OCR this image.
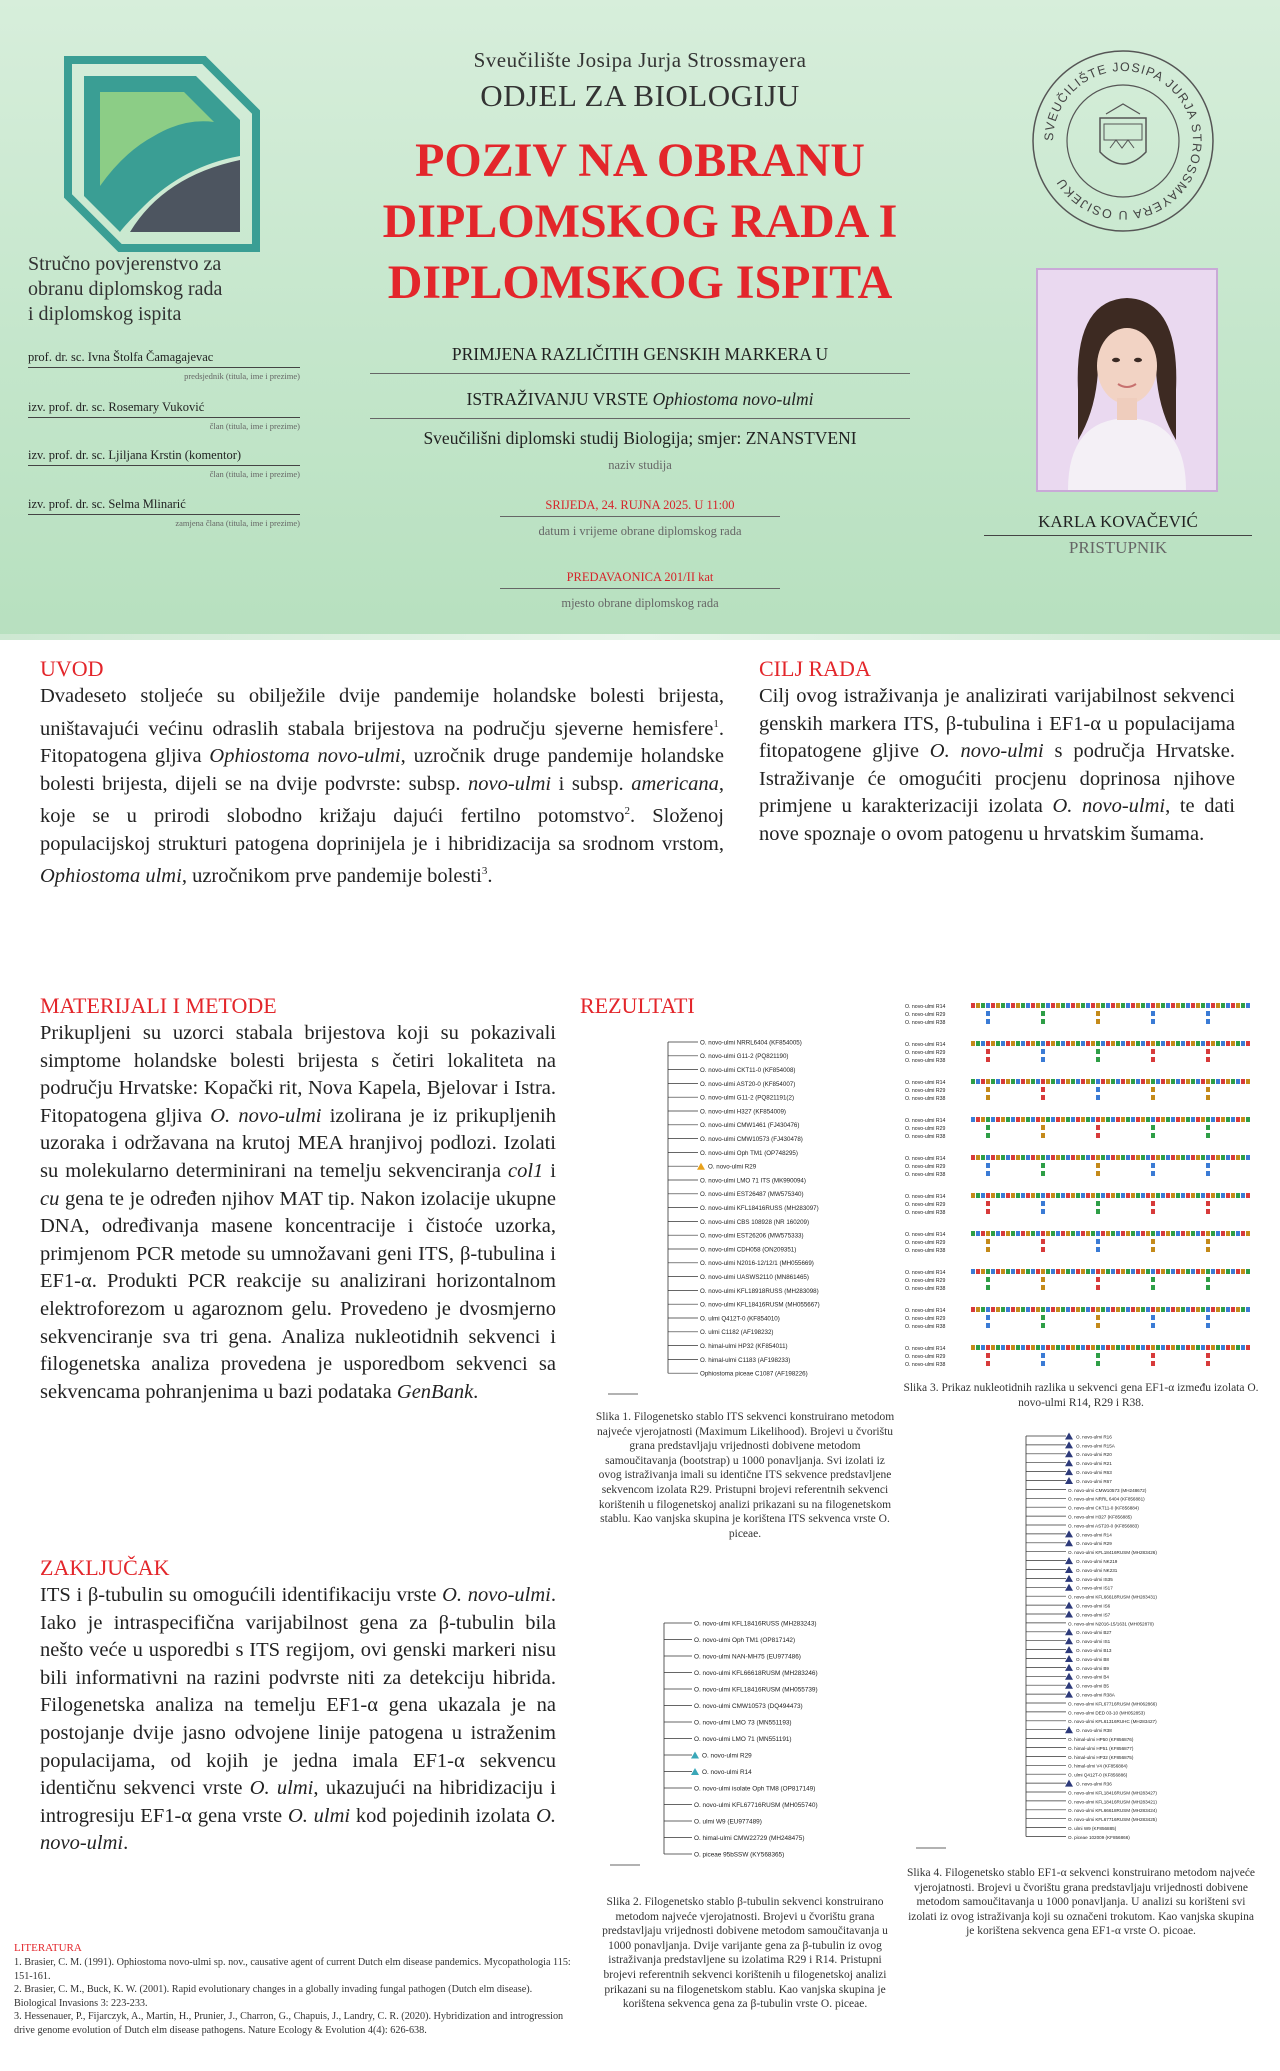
Stručno povjerenstvo za
obranu diplomskog rada
i diplomskog ispita
prof. dr. sc. Ivna Štolfa Čamagajevac
predsjednik (titula, ime i prezime)
izv. prof. dr. sc. Rosemary Vuković
član (titula, ime i prezime)
izv. prof. dr. sc. Ljiljana Krstin (komentor)
član (titula, ime i prezime)
izv. prof. dr. sc. Selma Mlinarić
zamjena člana (titula, ime i prezime)
Sveučilište Josipa Jurja Strossmayera
ODJEL ZA BIOLOGIJU
POZIV NA OBRANU
DIPLOMSKOG RADA I
DIPLOMSKOG ISPITA
PRIMJENA RAZLIČITIH GENSKIH MARKERA U
ISTRAŽIVANJU VRSTE Ophiostoma novo-ulmi
Sveučilišni diplomski studij Biologija; smjer: ZNANSTVENI
naziv studija
SRIJEDA, 24. RUJNA 2025. U 11:00
datum i vrijeme obrane diplomskog rada
PREDAVAONICA 201/II kat
mjesto obrane diplomskog rada
SVEUČILIŠTE JOSIPA JURJA STROSSMAYERA U OSIJEKU
KARLA KOVAČEVIĆ
PRISTUPNIK
UVOD
Dvadeseto stoljeće su obilježile dvije pandemije holandske bolesti brijesta, uništavajući većinu odraslih stabala brijestova na području sjeverne hemisfere$^1$. Fitopatogena gljiva Ophiostoma novo-ulmi, uzročnik druge pandemije holandske bolesti brijesta, dijeli se na dvije podvrste: subsp. novo-ulmi i subsp. americana, koje se u prirodi slobodno križaju dajući fertilno potomstvo$^2$. Složenoj populacijskoj strukturi patogena doprinijela je i hibridizacija sa srodnom vrstom, Ophiostoma ulmi, uzročnikom prve pandemije bolesti$^3$.
CILJ RADA
Cilj ovog istraživanja je analizirati varijabilnost sekvenci genskih markera ITS, β-tubulina i EF1-α u populacijama fitopatogene gljive O. novo-ulmi s područja Hrvatske. Istraživanje će omogućiti procjenu doprinosa njihove primjene u karakterizaciji izolata O. novo-ulmi, te dati nove spoznaje o ovom patogenu u hrvatskim šumama.
MATERIJALI I METODE
Prikupljeni su uzorci stabala brijestova koji su pokazivali simptome holandske bolesti brijesta s četiri lokaliteta na području Hrvatske: Kopački rit, Nova Kapela, Bjelovar i Istra. Fitopatogena gljiva O. novo-ulmi izolirana je iz prikupljenih uzoraka i održavana na krutoj MEA hranjivoj podlozi. Izolati su molekularno determinirani na temelju sekvenciranja col1 i cu gena te je određen njihov MAT tip. Nakon izolacije ukupne DNA, određivanja masene koncentracije i čistoće uzorka, primjenom PCR metode su umnožavani geni ITS, β-tubulina i EF1-α. Produkti PCR reakcije su analizirani horizontalnom elektroforezom u agaroznom gelu. Provedeno je dvosmjerno sekvenciranje sva tri gena. Analiza nukleotidnih sekvenci i filogenetska analiza provedena je usporedbom sekvenci sa sekvencama pohranjenima u bazi podataka GenBank.
ZAKLJUČAK
ITS i β-tubulin su omogućili identifikaciju vrste O. novo-ulmi. Iako je intraspecifična varijabilnost gena za β-tubulin bila nešto veće u usporedbi s ITS regijom, ovi genski markeri nisu bili informativni na razini podvrste niti za detekciju hibrida. Filogenetska analiza na temelju EF1-α gena ukazala je na postojanje dvije jasno odvojene linije patogena u istraženim populacijama, od kojih je jedna imala EF1-α sekvencu identičnu sekvenci vrste O. ulmi, ukazujući na hibridizaciju i introgresiju EF1-α gena vrste O. ulmi kod pojedinih izolata O. novo-ulmi.
LITERATURA
1. Brasier, C. M. (1991). Ophiostoma novo-ulmi sp. nov., causative agent of current Dutch elm disease pandemics. Mycopathologia 115: 151-161.
2. Brasier, C. M., Buck, K. W. (2001). Rapid evolutionary changes in a globally invading fungal pathogen (Dutch elm disease). Biological Invasions 3: 223-233.
3. Hessenauer, P., Fijarczyk, A., Martin, H., Prunier, J., Charron, G., Chapuis, J., Landry, C. R. (2020). Hybridization and introgression drive genome evolution of Dutch elm disease pathogens. Nature Ecology & Evolution 4(4): 626-638.
REZULTATI
O. novo-ulmi NRRL6404 (KF854005)
O. novo-ulmi G11-2 (PQ821190)
O. novo-ulmi CKT11-0 (KF854008)
O. novo-ulmi AST20-0 (KF854007)
O. novo-ulmi G11-2 (PQ821191(2)
O. novo-ulmi H327 (KF854009)
O. novo-ulmi CMW1461 (FJ430476)
O. novo-ulmi CMW10573 (FJ430478)
O. novo-ulmi Oph TM1 (OP748295)
O. novo-ulmi R29
O. novo-ulmi LMO 71 ITS (MK990094)
O. novo-ulmi EST26487 (MW575340)
O. novo-ulmi KFL18416RUSS (MH283097)
O. novo-ulmi CBS 108928 (NR 160209)
O. novo-ulmi EST26206 (MW575333)
O. novo-ulmi CDH058 (ON209351)
O. novo-ulmi N2016-12/12/1 (MH055669)
O. novo-ulmi UASWS2110 (MN861465)
O. novo-ulmi KFL18918RUSS (MH283098)
O. novo-ulmi KFL18416RUSM (MH055667)
O. ulmi Q412T-0 (KF854010)
O. ulmi C1182 (AF198232)
O. himal-ulmi HP32 (KF854011)
O. himal-ulmi C1183 (AF198233)
Ophiostoma piceae C1087 (AF198226)
Slika 1. Filogenetsko stablo ITS sekvenci konstruirano metodom najveće vjerojatnosti (Maximum Likelihood). Brojevi u čvorištu grana predstavljaju vrijednosti dobivene metodom samoučitavanja (bootstrap) u 1000 ponavljanja. Svi izolati iz ovog istraživanja imali su identične ITS sekvence predstavljene sekvencom izolata R29. Pristupni brojevi referentnih sekvenci korištenih u filogenetskoj analizi prikazani su na filogenetskom stablu. Kao vanjska skupina je korištena ITS sekvenca vrste O. piceae.
O. novo-ulmi KFL18416RUSS (MH283243)
O. novo-ulmi Oph TM1 (OP817142)
O. novo-ulmi NAN-MH75 (EU977486)
O. novo-ulmi KFL66618RUSM (MH283246)
O. novo-ulmi KFL18416RUSM (MH055739)
O. novo-ulmi CMW10573 (DQ494473)
O. novo-ulmi LMO 73 (MN551193)
O. novo-ulmi LMO 71 (MN551191)
O. novo-ulmi R29
O. novo-ulmi R14
O. novo-ulmi isolate Oph TM8 (OP817149)
O. novo-ulmi KFL67716RUSM (MH055740)
O. ulmi W9 (EU977489)
O. himal-ulmi CMW22729 (MH248475)
O. piceae 95bSSW (KY568365)
Slika 2. Filogenetsko stablo β-tubulin sekvenci konstruirano metodom najveće vjerojatnosti. Brojevi u čvorištu grana predstavljaju vrijednosti dobivene metodom samoučitavanja u 1000 ponavljanja. Dvije varijante gena za β-tubulin iz ovog istraživanja predstavljene su izolatima R29 i R14. Pristupni brojevi referentnih sekvenci korištenih u filogenetskoj analizi prikazani su na filogenetskom stablu. Kao vanjska skupina je korištena sekvenca gena za β-tubulin vrste O. piceae.
O. novo-ulmi R14
O. novo-ulmi R29
O. novo-ulmi R38
O. novo-ulmi R14
O. novo-ulmi R29
O. novo-ulmi R38
O. novo-ulmi R14
O. novo-ulmi R29
O. novo-ulmi R38
O. novo-ulmi R14
O. novo-ulmi R29
O. novo-ulmi R38
O. novo-ulmi R14
O. novo-ulmi R29
O. novo-ulmi R38
O. novo-ulmi R14
O. novo-ulmi R29
O. novo-ulmi R38
O. novo-ulmi R14
O. novo-ulmi R29
O. novo-ulmi R38
O. novo-ulmi R14
O. novo-ulmi R29
O. novo-ulmi R38
O. novo-ulmi R14
O. novo-ulmi R29
O. novo-ulmi R38
O. novo-ulmi R14
O. novo-ulmi R29
O. novo-ulmi R38
Slika 3. Prikaz nukleotidnih razlika u sekvenci gena EF1-α između izolata O. novo-ulmi R14, R29 i R38.
O. novo-ulmi R16
O. novo-ulmi R15A
O. novo-ulmi R20
O. novo-ulmi R21
O. novo-ulmi R63
O. novo-ulmi R67
O. novo-ulmi CMW10573 (MH248672)
O. novo-ulmi NRRL 6404 (KF856881)
O. novo-ulmi CKT11-0 (KF856884)
O. novo-ulmi H327 (KF856885)
O. novo-ulmi AST20-0 (KF856883)
O. novo-ulmi R14
O. novo-ulmi R29
O. novo-ulmi KFL18416RUSM (MH283426)
O. novo-ulmi NK219
O. novo-ulmi NK231
O. novo-ulmi IS35
O. novo-ulmi IS17
O. novo-ulmi KFL66618RUSM (MH283431)
O. novo-ulmi IS6
O. novo-ulmi IS7
O. novo-ulmi N2016-15/1631 (MH052870)
O. novo-ulmi B27
O. novo-ulmi IS1
O. novo-ulmi B13
O. novo-ulmi B8
O. novo-ulmi B9
O. novo-ulmi B4
O. novo-ulmi B5
O. novo-ulmi R38A
O. novo-ulmi KFL67716RUSM (MH062866)
O. novo-ulmi DED 03-10 (MH052853)
O. novo-ulmi KFL61316RUHC (MH283427)
O. novo-ulmi R38
O. himal-ulmi HP50 (KF856876)
O. himal-ulmi HP51 (KF856877)
O. himal-ulmi HP32 (KF856875)
O. himal-ulmi V4 (KF856884)
O. ulmi Q412T-0 (KF856886)
O. novo-ulmi R36
O. novo-ulmi KFL18416RUSM (MH283427)
O. novo-ulmi KFL18416RUSM (MH283421)
O. novo-ulmi KFL66618RUSM (MH283424)
O. novo-ulmi KFL67716RUSM (MH283425)
O. ulmi W9 (KF856885)
O. piceae 102009 (KF856866)
Slika 4. Filogenetsko stablo EF1-α sekvenci konstruirano metodom najveće vjerojatnosti. Brojevi u čvorištu grana predstavljaju vrijednosti dobivene metodom samoučitavanja u 1000 ponavljanja. U analizi su korišteni svi izolati iz ovog istraživanja koji su označeni trokutom. Kao vanjska skupina je korištena sekvenca gena EF1-α vrste O. picoae.
